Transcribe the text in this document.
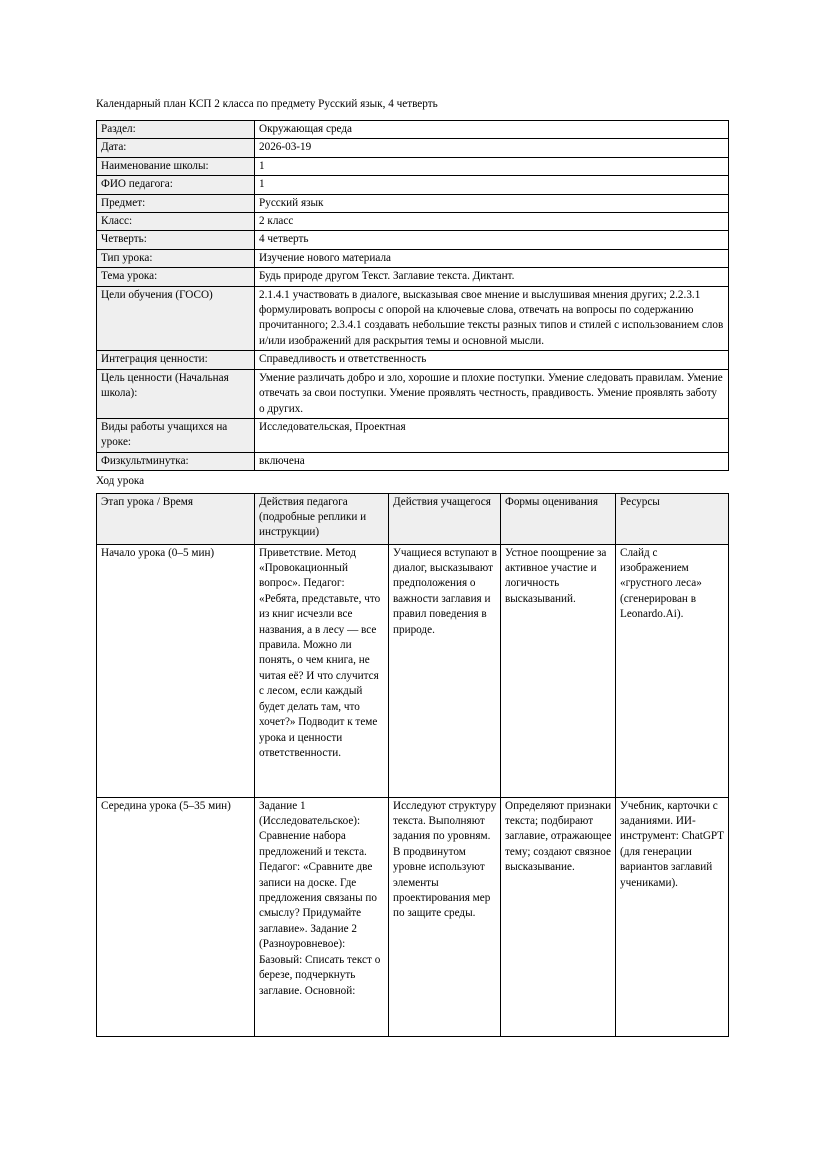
Календарный план КСП 2 класса по предмету Русский язык, 4 четверть
Раздел:	Окружающая среда
Дата:	2026-03-19
Наименование школы:	1
ФИО педагога:	1
Предмет:	Русский язык
Класс:	2 класс
Четверть:	4 четверть
Тип урока:	Изучение нового материала
Тема урока:	Будь природе другом Текст. Заглавие текста. Диктант.
Цели обучения (ГОСО)	2.1.4.1 участвовать в диалоге, высказывая свое мнение и выслушивая мнения других; 2.2.3.1 формулировать вопросы с опорой на ключевые слова, отвечать на вопросы по содержанию прочитанного; 2.3.4.1 создавать небольшие тексты разных типов и стилей с использованием слов и/или изображений для раскрытия темы и основной мысли.
Интеграция ценности:	Справедливость и ответственность
Цель ценности (Начальная школа):	Умение различать добро и зло, хорошие и плохие поступки. Умение следовать правилам. Умение отвечать за свои поступки. Умение проявлять честность, правдивость. Умение проявлять заботу о других.
Виды работы учащихся на уроке:	Исследовательская, Проектная
Физкультминутка:	включена
Ход урока
Этап урока / Время	Действия педагога (подробные реплики и инструкции)	Действия учащегося	Формы оценивания	Ресурсы
Начало урока (0–5 мин)	Приветствие. Метод «Провокационный вопрос». Педагог: «Ребята, представьте, что из книг исчезли все названия, а в лесу — все правила. Можно ли понять, о чем книга, не читая её? И что случится с лесом, если каждый будет делать там, что хочет?» Подводит к теме урока и ценности ответственности.	Учащиеся вступают в диалог, высказывают предположения о важности заглавия и правил поведения в природе.	Устное поощрение за активное участие и логичность высказываний.	Слайд с изображением «грустного леса» (сгенерирован в Leonardo.Ai).
Середина урока (5–35 мин)	Задание 1 (Исследовательское): Сравнение набора предложений и текста. Педагог: «Сравните две записи на доске. Где предложения связаны по смыслу? Придумайте заглавие». Задание 2 (Разноуровневое): Базовый: Списать текст о березе, подчеркнуть заглавие. Основной:	Исследуют структуру текста. Выполняют задания по уровням. В продвинутом уровне используют элементы проектирования мер по защите среды.	Определяют признаки текста; подбирают заглавие, отражающее тему; создают связное высказывание.	Учебник, карточки с заданиями. ИИ-инструмент: ChatGPT (для генерации вариантов заглавий учениками).
